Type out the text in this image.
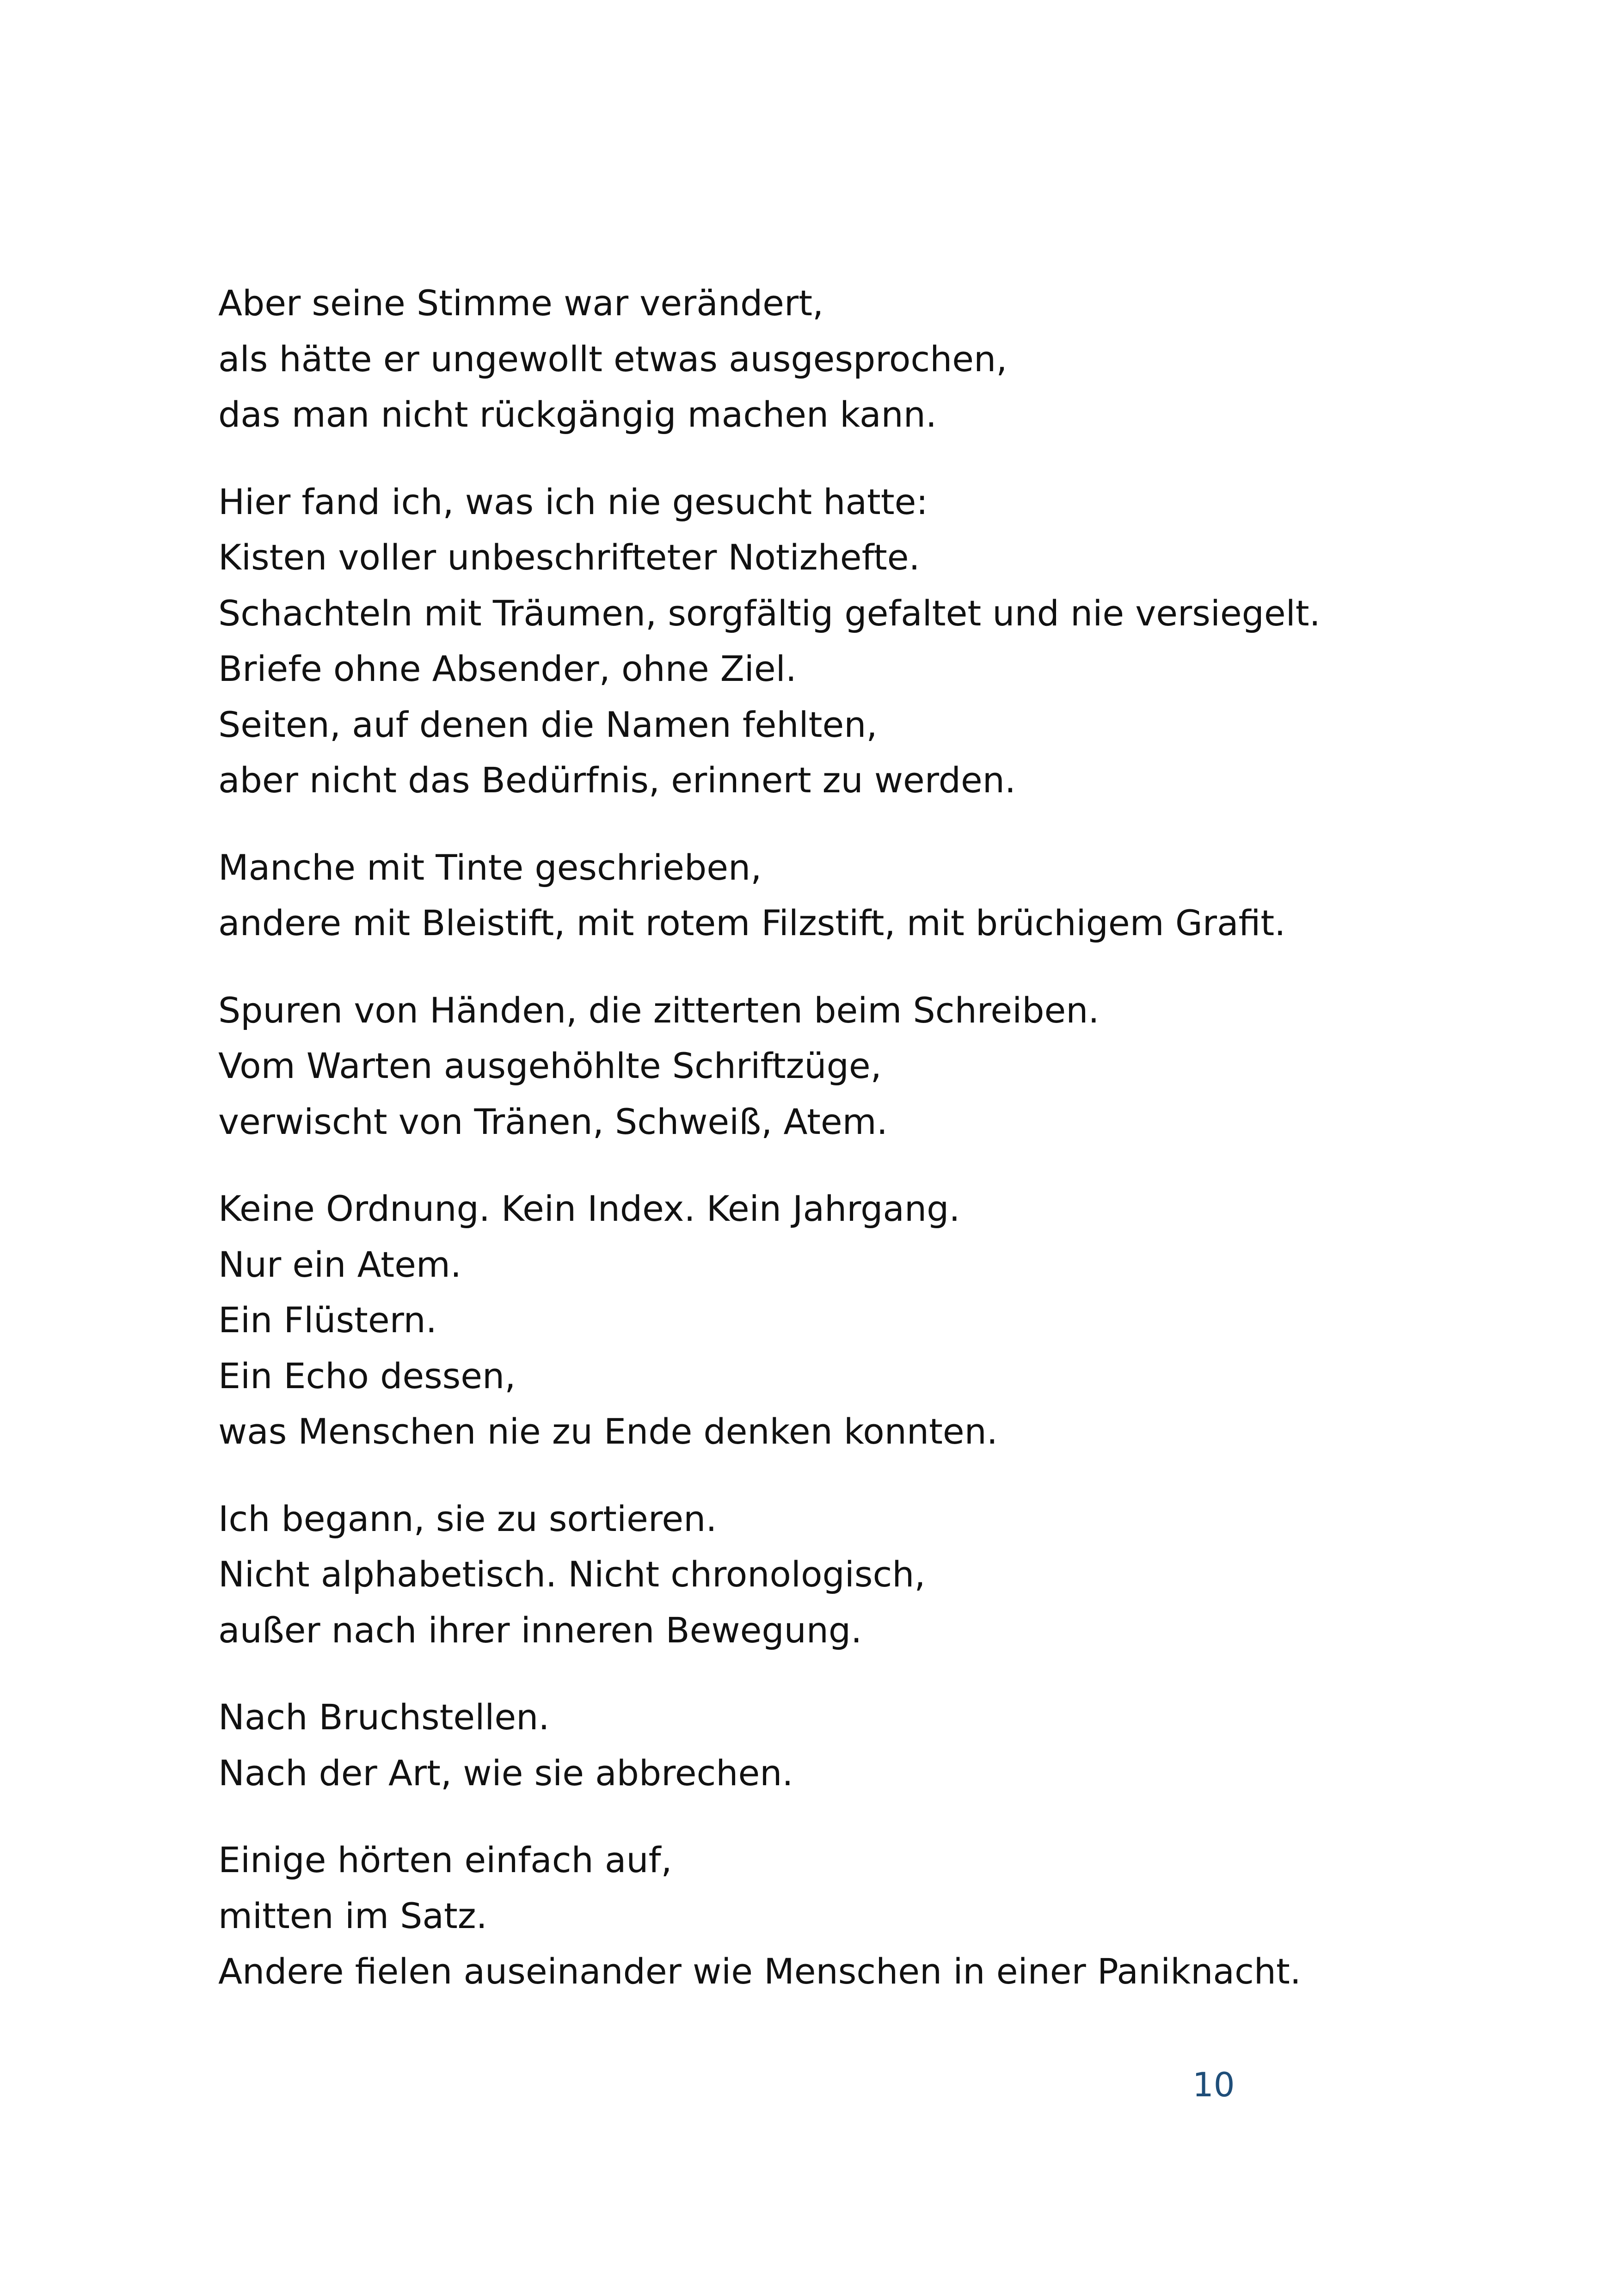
Aber seine Stimme war verändert,
als hätte er ungewollt etwas ausgesprochen,
das man nicht rückgängig machen kann.
Hier fand ich, was ich nie gesucht hatte:
Kisten voller unbeschrifteter Notizhefte.
Schachteln mit Träumen, sorgfältig gefaltet und nie versiegelt.
Briefe ohne Absender, ohne Ziel.
Seiten, auf denen die Namen fehlten,
aber nicht das Bedürfnis, erinnert zu werden.
Manche mit Tinte geschrieben,
andere mit Bleistift, mit rotem Filzstift, mit brüchigem Grafit.
Spuren von Händen, die zitterten beim Schreiben.
Vom Warten ausgehöhlte Schriftzüge,
verwischt von Tränen, Schweiß, Atem.
Keine Ordnung. Kein Index. Kein Jahrgang.
Nur ein Atem.
Ein Flüstern.
Ein Echo dessen,
was Menschen nie zu Ende denken konnten.
Ich begann, sie zu sortieren.
Nicht alphabetisch. Nicht chronologisch,
außer nach ihrer inneren Bewegung.
Nach Bruchstellen.
Nach der Art, wie sie abbrechen.
Einige hörten einfach auf,
mitten im Satz.
Andere fielen auseinander wie Menschen in einer Paniknacht.
10
